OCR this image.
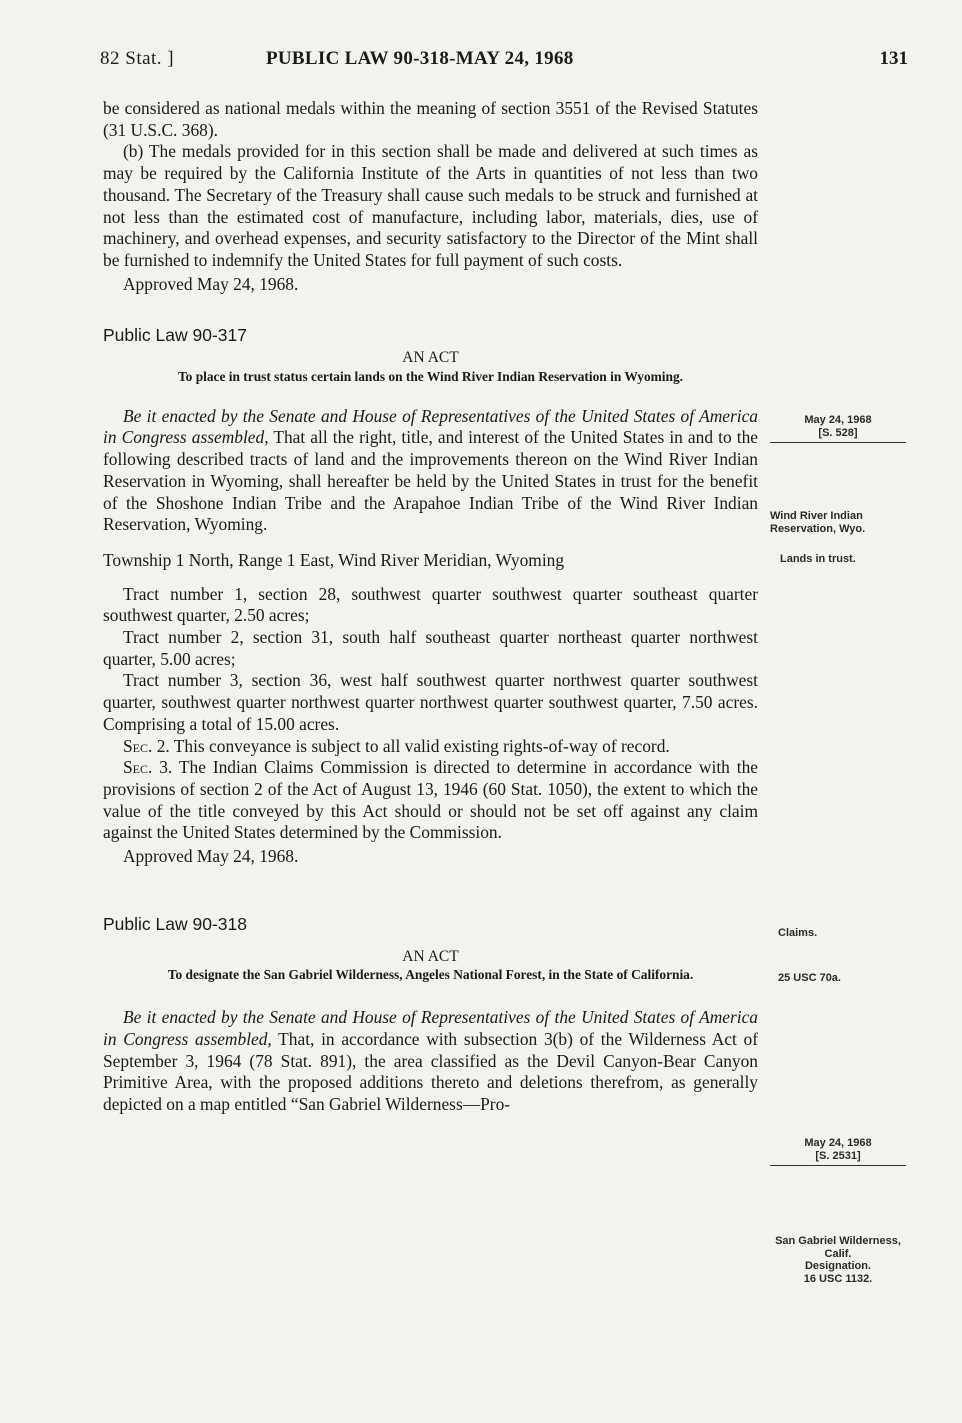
82 Stat. ]	PUBLIC LAW 90-318-MAY 24, 1968	131

be considered as national medals within the meaning of section 3551 of the Revised Statutes (31 U.S.C. 368).

(b) The medals provided for in this section shall be made and delivered at such times as may be required by the California Institute of the Arts in quantities of not less than two thousand. The Secretary of the Treasury shall cause such medals to be struck and furnished at not less than the estimated cost of manufacture, including labor, materials, dies, use of machinery, and overhead expenses, and security satisfactory to the Director of the Mint shall be furnished to indemnify the United States for full payment of such costs.

Approved May 24, 1968.

Public Law 90-317

AN ACT

To place in trust status certain lands on the Wind River Indian Reservation in Wyoming.

Be it enacted by the Senate and House of Representatives of the United States of America in Congress assembled, That all the right, title, and interest of the United States in and to the following described tracts of land and the improvements thereon on the Wind River Indian Reservation in Wyoming, shall hereafter be held by the United States in trust for the benefit of the Shoshone Indian Tribe and the Arapahoe Indian Tribe of the Wind River Indian Reservation, Wyoming.

Township 1 North, Range 1 East, Wind River Meridian, Wyoming

Tract number 1, section 28, southwest quarter southwest quarter southeast quarter southwest quarter, 2.50 acres;

Tract number 2, section 31, south half southeast quarter northeast quarter northwest quarter, 5.00 acres;

Tract number 3, section 36, west half southwest quarter northwest quarter southwest quarter, southwest quarter northwest quarter northwest quarter southwest quarter, 7.50 acres. Comprising a total of 15.00 acres.

Sec. 2. This conveyance is subject to all valid existing rights-of-way of record.

Sec. 3. The Indian Claims Commission is directed to determine in accordance with the provisions of section 2 of the Act of August 13, 1946 (60 Stat. 1050), the extent to which the value of the title conveyed by this Act should or should not be set off against any claim against the United States determined by the Commission.

Approved May 24, 1968.

Public Law 90-318

AN ACT

To designate the San Gabriel Wilderness, Angeles National Forest, in the State of California.

Be it enacted by the Senate and House of Representatives of the United States of America in Congress assembled, That, in accordance with subsection 3(b) of the Wilderness Act of September 3, 1964 (78 Stat. 891), the area classified as the Devil Canyon-Bear Canyon Primitive Area, with the proposed additions thereto and deletions therefrom, as generally depicted on a map entitled “San Gabriel Wilderness—Pro-

May 24, 1968
[S. 528]
Wind River Indian Reservation, Wyo.
Lands in trust.
Claims.
25 USC 70a.
May 24, 1968
[S. 2531]
San Gabriel Wilderness, Calif.
Designation.
16 USC 1132.
